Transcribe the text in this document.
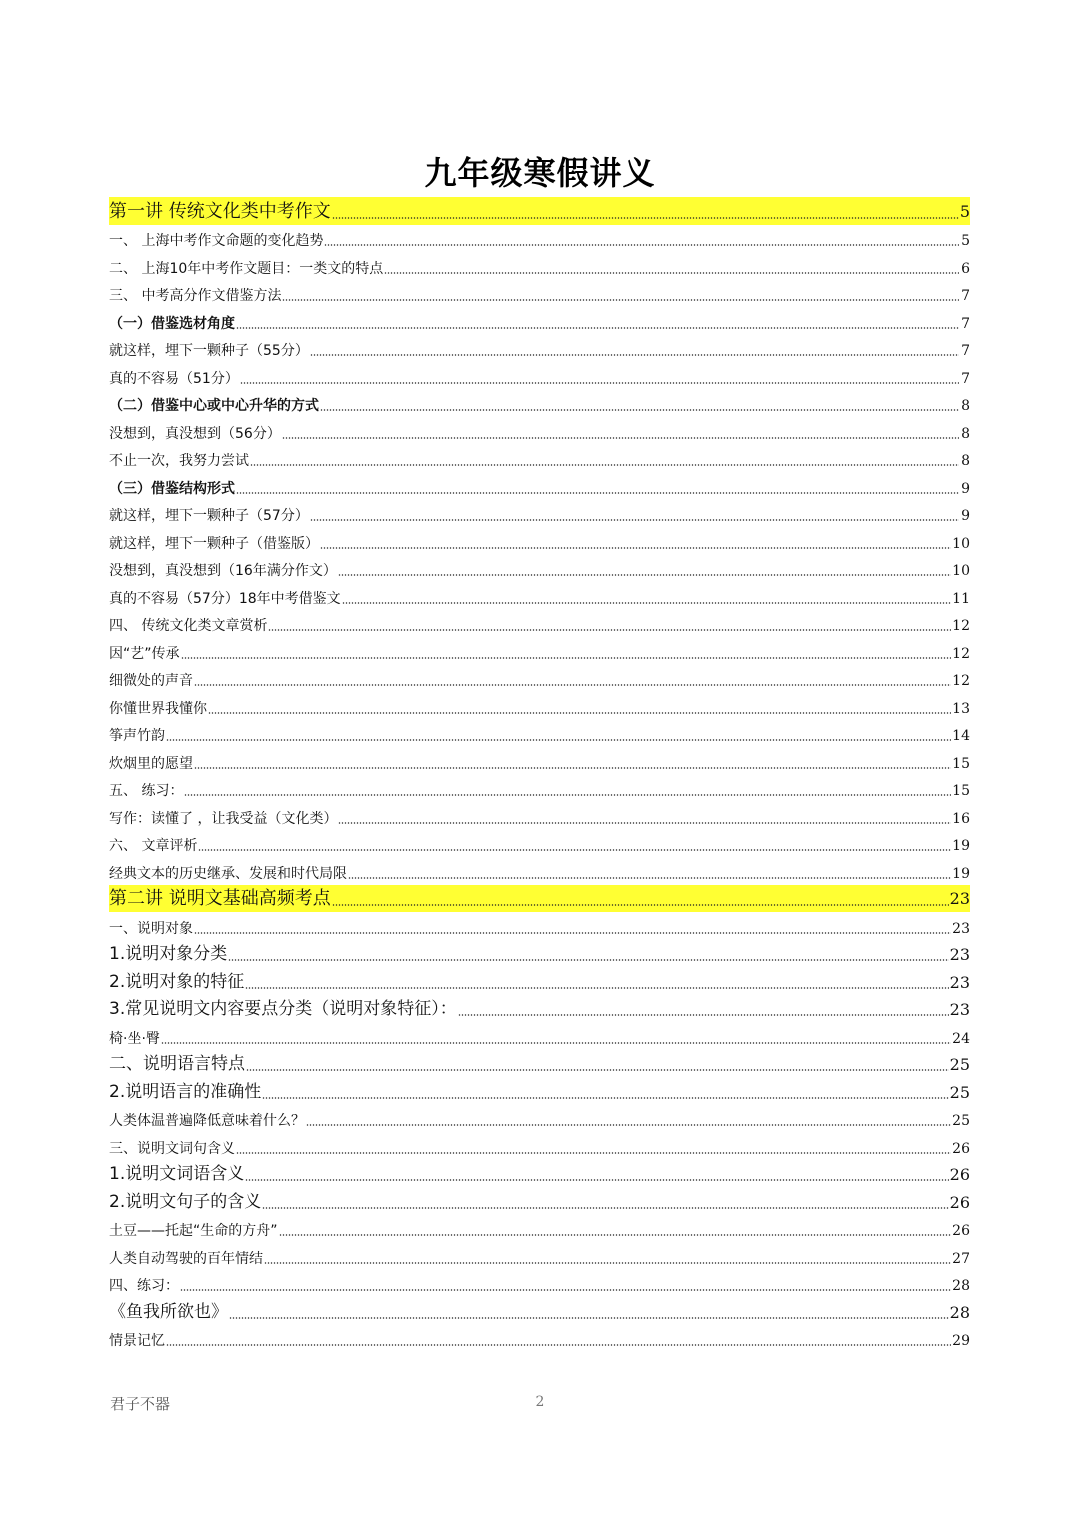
九年级寒假讲义
第一讲 传统文化类中考作文	5
一、 上海中考作文命题的变化趋势	5
二、 上海10年中考作文题目：一类文的特点	6
三、 中考高分作文借鉴方法	7
（一）借鉴选材角度	7
就这样，埋下一颗种子（55分）	7
真的不容易（51分）	7
（二）借鉴中心或中心升华的方式	8
没想到，真没想到（56分）	8
不止一次，我努力尝试	8
（三）借鉴结构形式	9
就这样，埋下一颗种子（57分）	9
就这样，埋下一颗种子（借鉴版）	10
没想到，真没想到（16年满分作文）	10
真的不容易（57分）18年中考借鉴文	11
四、 传统文化类文章赏析	12
因“艺”传承	12
细微处的声音	12
你懂世界我懂你	13
筝声竹韵	14
炊烟里的愿望	15
五、 练习：	15
写作：读懂了 ，让我受益（文化类）	16
六、 文章评析	19
经典文本的历史继承、发展和时代局限	19
第二讲 说明文基础高频考点	23
一、说明对象	23
1.说明对象分类	23
2.说明对象的特征	23
3.常见说明文内容要点分类（说明对象特征）：	23
椅·坐·臀	24
二、说明语言特点	25
2.说明语言的准确性	25
人类体温普遍降低意味着什么？	25
三、说明文词句含义	26
1.说明文词语含义	26
2.说明文句子的含义	26
土豆——托起“生命的方舟”	26
人类自动驾驶的百年情结	27
四、练习：	28
《鱼我所欲也》	28
情景记忆	29
君子不器	2
